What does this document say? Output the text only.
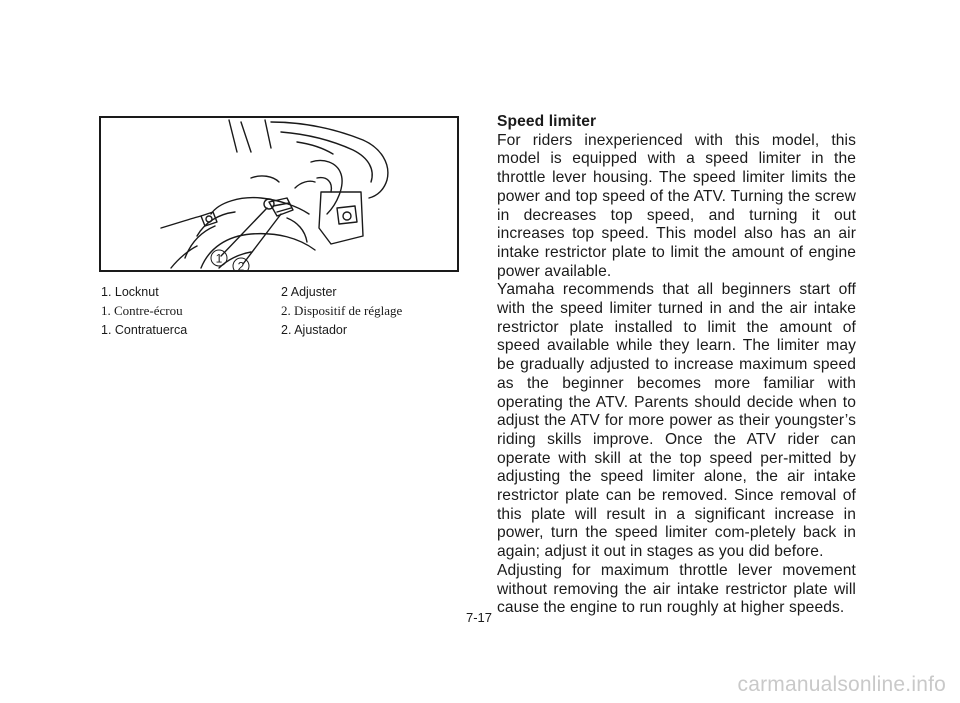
1
2
1. Locknut	2 Adjuster
1. Contre-écrou	2. Dispositif de réglage
1. Contratuerca	2. Ajustador
Speed limiter

For riders inexperienced with this model, this model is equipped with a speed limiter in the throttle lever housing. The speed limiter limits the power and top speed of the ATV. Turning the screw in decreases top speed, and turning it out increases top speed. This model also has an air intake restrictor plate to limit the amount of engine power available.

Yamaha recommends that all beginners start off with the speed limiter turned in and the air intake restrictor plate installed to limit the amount of speed available while they learn. The limiter may be gradually adjusted to increase maximum speed as the beginner becomes more familiar with operating the ATV. Parents should decide when to adjust the ATV for more power as their youngster’s riding skills improve. Once the ATV rider can operate with skill at the top speed per-mitted by adjusting the speed limiter alone, the air intake restrictor plate can be removed. Since removal of this plate will result in a significant increase in power, turn the speed limiter com-pletely back in again; adjust it out in stages as you did before.

Adjusting for maximum throttle lever movement without removing the air intake restrictor plate will cause the engine to run roughly at higher speeds.

7-17
carmanualsonline.info
